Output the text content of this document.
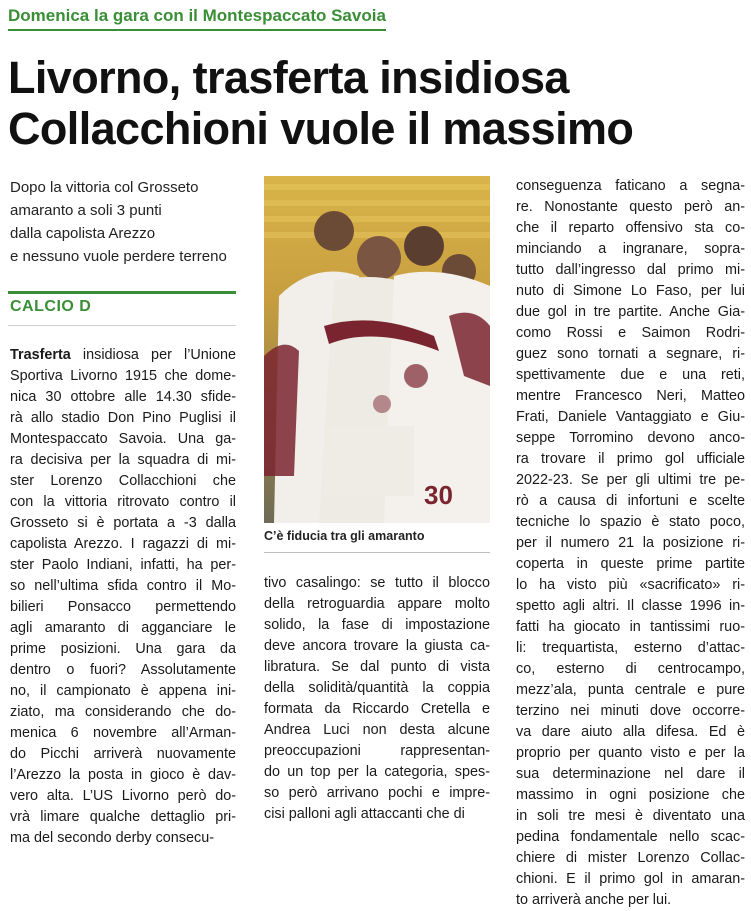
Domenica la gara con il Montespaccato Savoia
Livorno, trasferta insidiosa
Collacchioni vuole il massimo
Dopo la vittoria col Grosseto
amaranto a soli 3 punti
dalla capolista Arezzo
e nessuno vuole perdere terreno
CALCIO D
Trasferta insidiosa per l’Unione
Sportiva Livorno 1915 che dome-
nica 30 ottobre alle 14.30 sfide-
rà allo stadio Don Pino Puglisi il
Montespaccato Savoia. Una ga-
ra decisiva per la squadra di mi-
ster Lorenzo Collacchioni che
con la vittoria ritrovato contro il
Grosseto si è portata a -3 dalla
capolista Arezzo. I ragazzi di mi-
ster Paolo Indiani, infatti, ha per-
so nell’ultima sfida contro il Mo-
bilieri Ponsacco permettendo
agli amaranto di agganciare le
prime posizioni. Una gara da
dentro o fuori? Assolutamente
no, il campionato è appena ini-
ziato, ma considerando che do-
menica 6 novembre all’Arman-
do Picchi arriverà nuovamente
l’Arezzo la posta in gioco è dav-
vero alta. L’US Livorno però do-
vrà limare qualche dettaglio pri-
ma del secondo derby consecu-
30
C’è fiducia tra gli amaranto
tivo casalingo: se tutto il blocco
della retroguardia appare molto
solido, la fase di impostazione
deve ancora trovare la giusta ca-
libratura. Se dal punto di vista
della solidità/quantità la coppia
formata da Riccardo Cretella e
Andrea Luci non desta alcune
preoccupazioni rappresentan-
do un top per la categoria, spes-
so però arrivano pochi e impre-
cisi palloni agli attaccanti che di
conseguenza faticano a segna-
re. Nonostante questo però an-
che il reparto offensivo sta co-
minciando a ingranare, sopra-
tutto dall’ingresso dal primo mi-
nuto di Simone Lo Faso, per lui
due gol in tre partite. Anche Gia-
como Rossi e Saimon Rodri-
guez sono tornati a segnare, ri-
spettivamente due e una reti,
mentre Francesco Neri, Matteo
Frati, Daniele Vantaggiato e Giu-
seppe Torromino devono anco-
ra trovare il primo gol ufficiale
2022-23. Se per gli ultimi tre pe-
rò a causa di infortuni e scelte
tecniche lo spazio è stato poco,
per il numero 21 la posizione ri-
coperta in queste prime partite
lo ha visto più «sacrificato» ri-
spetto agli altri. Il classe 1996 in-
fatti ha giocato in tantissimi ruo-
li: trequartista, esterno d’attac-
co, esterno di centrocampo,
mezz’ala, punta centrale e pure
terzino nei minuti dove occorre-
va dare aiuto alla difesa. Ed è
proprio per quanto visto e per la
sua determinazione nel dare il
massimo in ogni posizione che
in soli tre mesi è diventato una
pedina fondamentale nello scac-
chiere di mister Lorenzo Collac-
chioni. E il primo gol in amaran-
to arriverà anche per lui.
